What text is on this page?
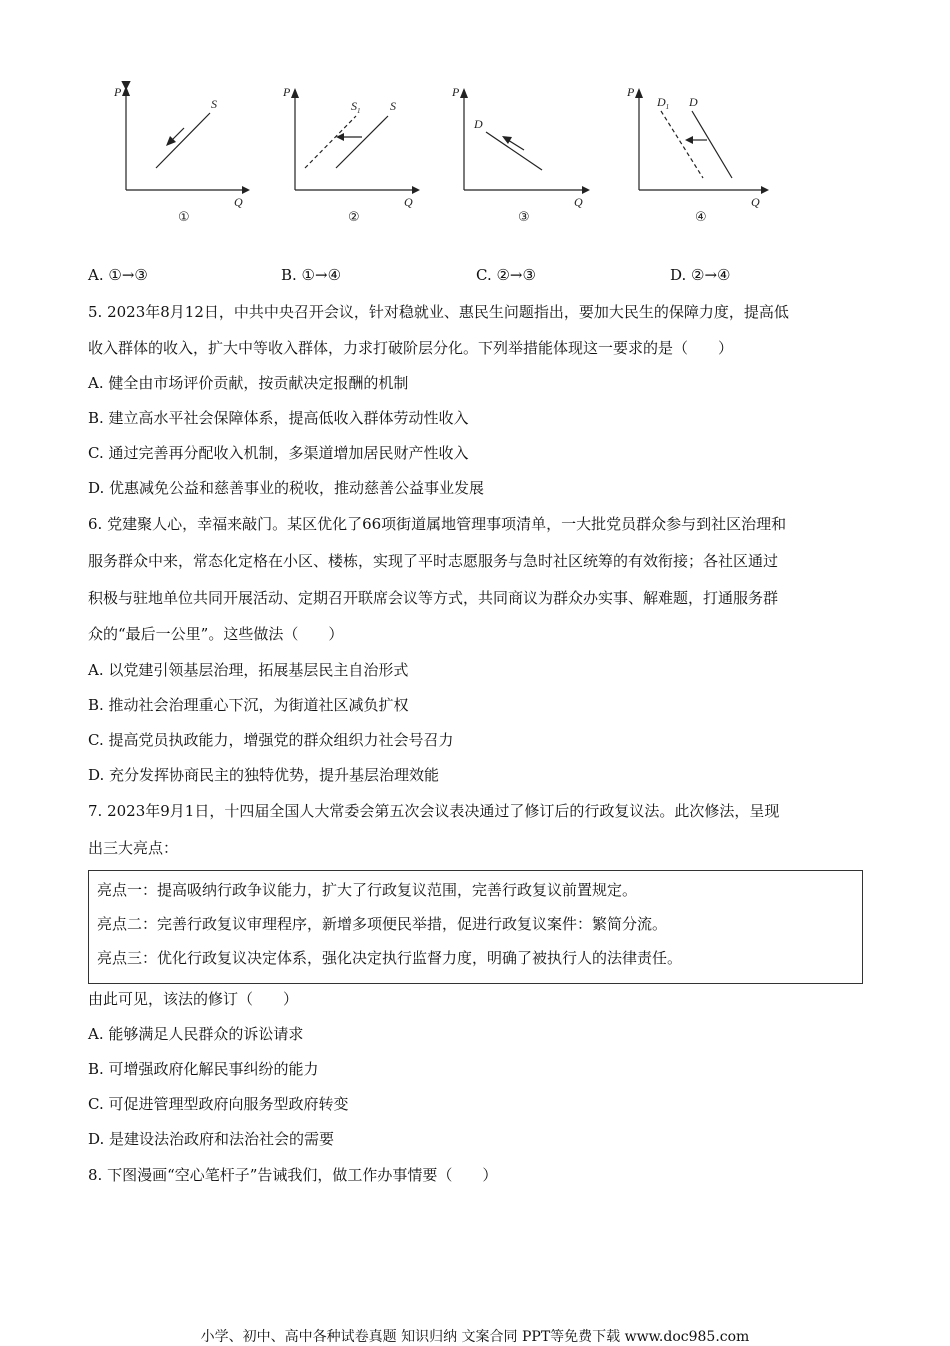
P
Q
S
①
P
Q
$S_1$ S
②
P
Q
D
③
P
Q
$D_1$ D
④
A. ①→③	B. ①→④	C. ②→③	D. ②→④
5. 2023年8月12日，中共中央召开会议，针对稳就业、惠民生问题指出，要加大民生的保障力度，提高低
收入群体的收入，扩大中等收入群体，力求打破阶层分化。下列举措能体现这一要求的是（　　）
A. 健全由市场评价贡献，按贡献决定报酬的机制
B. 建立高水平社会保障体系，提高低收入群体劳动性收入
C. 通过完善再分配收入机制，多渠道增加居民财产性收入
D. 优惠减免公益和慈善事业的税收，推动慈善公益事业发展
6. 党建聚人心，幸福来敲门。某区优化了66项街道属地管理事项清单，一大批党员群众参与到社区治理和
服务群众中来，常态化定格在小区、楼栋，实现了平时志愿服务与急时社区统筹的有效衔接；各社区通过
积极与驻地单位共同开展活动、定期召开联席会议等方式，共同商议为群众办实事、解难题，打通服务群
众的“最后一公里”。这些做法（　　）
A. 以党建引领基层治理，拓展基层民主自治形式
B. 推动社会治理重心下沉，为街道社区减负扩权
C. 提高党员执政能力，增强党的群众组织力社会号召力
D. 充分发挥协商民主的独特优势，提升基层治理效能
7. 2023年9月1日，十四届全国人大常委会第五次会议表决通过了修订后的行政复议法。此次修法，呈现
出三大亮点：
亮点一：提高吸纳行政争议能力，扩大了行政复议范围，完善行政复议前置规定。
亮点二：完善行政复议审理程序，新增多项便民举措，促进行政复议案件：繁简分流。
亮点三：优化行政复议决定体系，强化决定执行监督力度，明确了被执行人的法律责任。
由此可见，该法的修订（　　）
A. 能够满足人民群众的诉讼请求
B. 可增强政府化解民事纠纷的能力
C. 可促进管理型政府向服务型政府转变
D. 是建设法治政府和法治社会的需要
8. 下图漫画“空心笔杆子”告诫我们，做工作办事情要（　　）
小学、初中、高中各种试卷真题 知识归纳 文案合同 PPT等免费下载 www.doc985.com
